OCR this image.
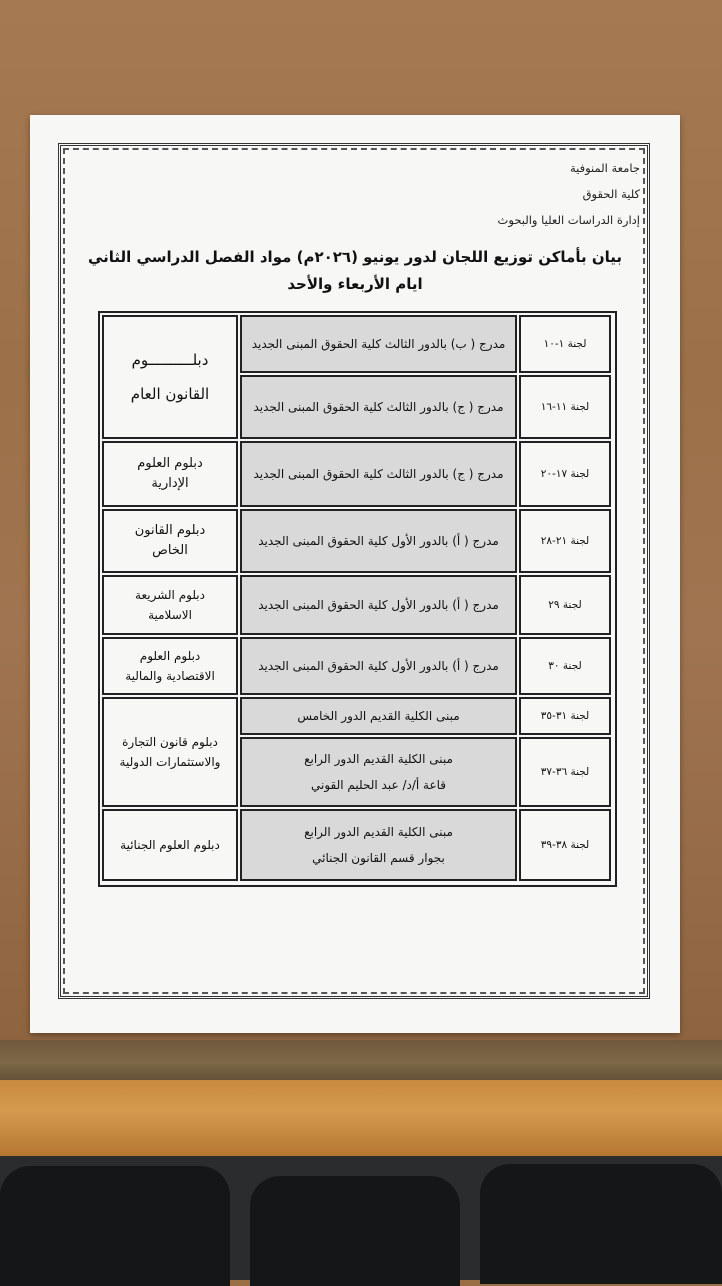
جامعة المنوفية
كلية الحقوق
إدارة الدراسات العليا والبحوث
بيان بأماكن توزيع اللجان لدور يونيو (٢٠٢٦م) مواد الفصل الدراسي الثاني
ايام الأربعاء والأحد
لجنة ١-١٠
لجنة ١١-١٦
لجنة ١٧-٢٠
لجنة ٢١-٢٨
لجنة ٢٩
لجنة ٣٠
لجنة ٣١-٣٥
لجنة ٣٦-٣٧
لجنة ٣٨-٣٩
مدرج ( ب) بالدور الثالث كلية الحقوق المبنى الجديد
مدرج ( ج) بالدور الثالث كلية الحقوق المبنى الجديد
مدرج ( ج) بالدور الثالث كلية الحقوق المبنى الجديد
مدرج ( أ) بالدور الأول كلية الحقوق المبنى الجديد
مدرج ( أ) بالدور الأول كلية الحقوق المبنى الجديد
مدرج ( أ) بالدور الأول كلية الحقوق المبنى الجديد
مبنى الكلية القديم الدور الخامس
مبنى الكلية القديم الدور الرابع
قاعة أ/د/ عبد الحليم القوني
مبنى الكلية القديم الدور الرابع
بجوار قسم القانون الجنائي
دبلــــــــــوم
القانون العام
دبلوم العلوم
الإدارية
دبلوم القانون
الخاص
دبلوم الشريعة
الاسلامية
دبلوم العلوم
الاقتصادية والمالية
دبلوم قانون التجارة
والاستثمارات الدولية
دبلوم العلوم الجنائية
